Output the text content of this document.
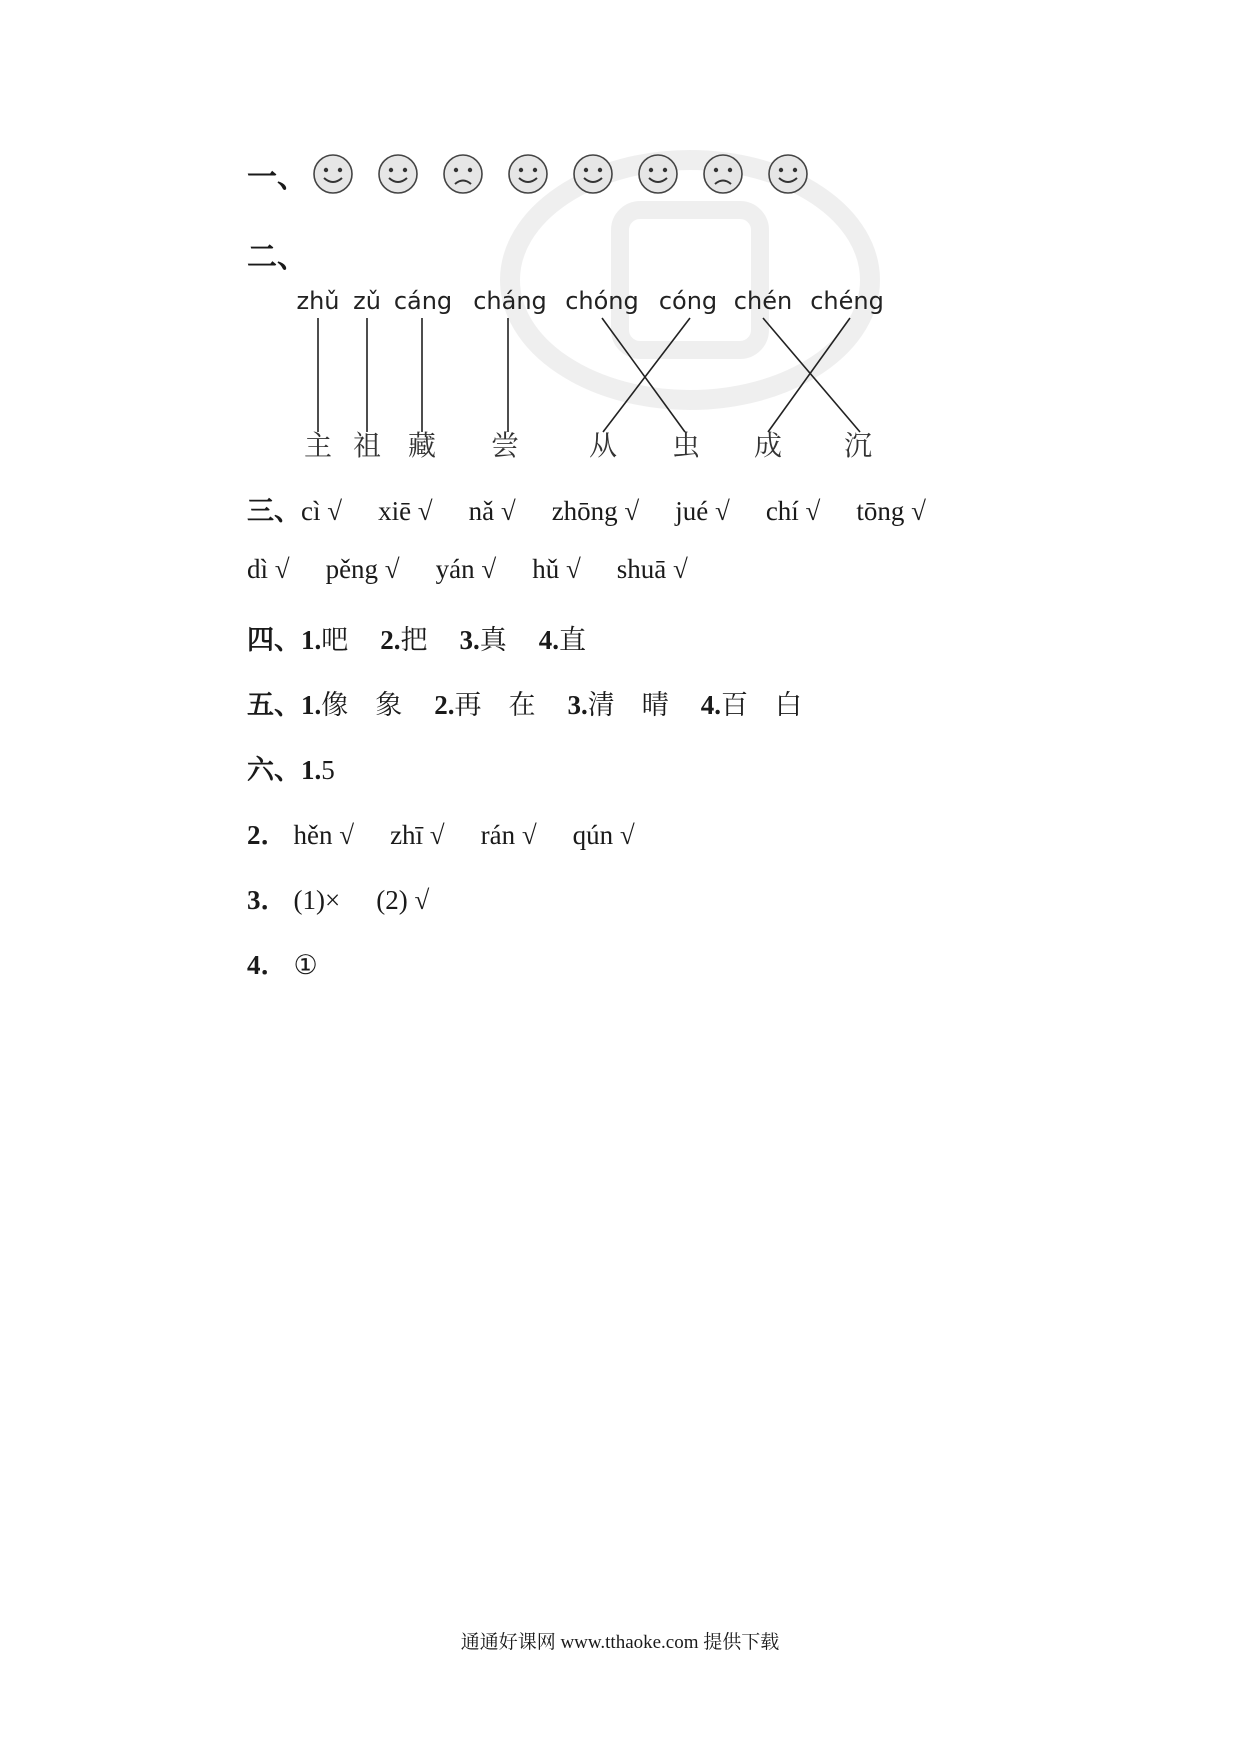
一、
二、
zhǔ zǔ cáng cháng chóng cóng chén chéng
主 祖 藏 尝 从 虫 成 沉
三、cì √ xiē √ nǎ √ zhōng √ jué √ chí √ tōng √
dì √ pěng √ yán √ hǔ √ shuā √
四、1.吧 2.把 3.真 4.直
五、1.像　象 2.再　在 3.清　晴 4.百　白
六、1.5
2． hěn √ zhī √ rán √ qún √
3． (1)× (2) √
4． ①
通通好课网 www.tthaoke.com 提供下载
